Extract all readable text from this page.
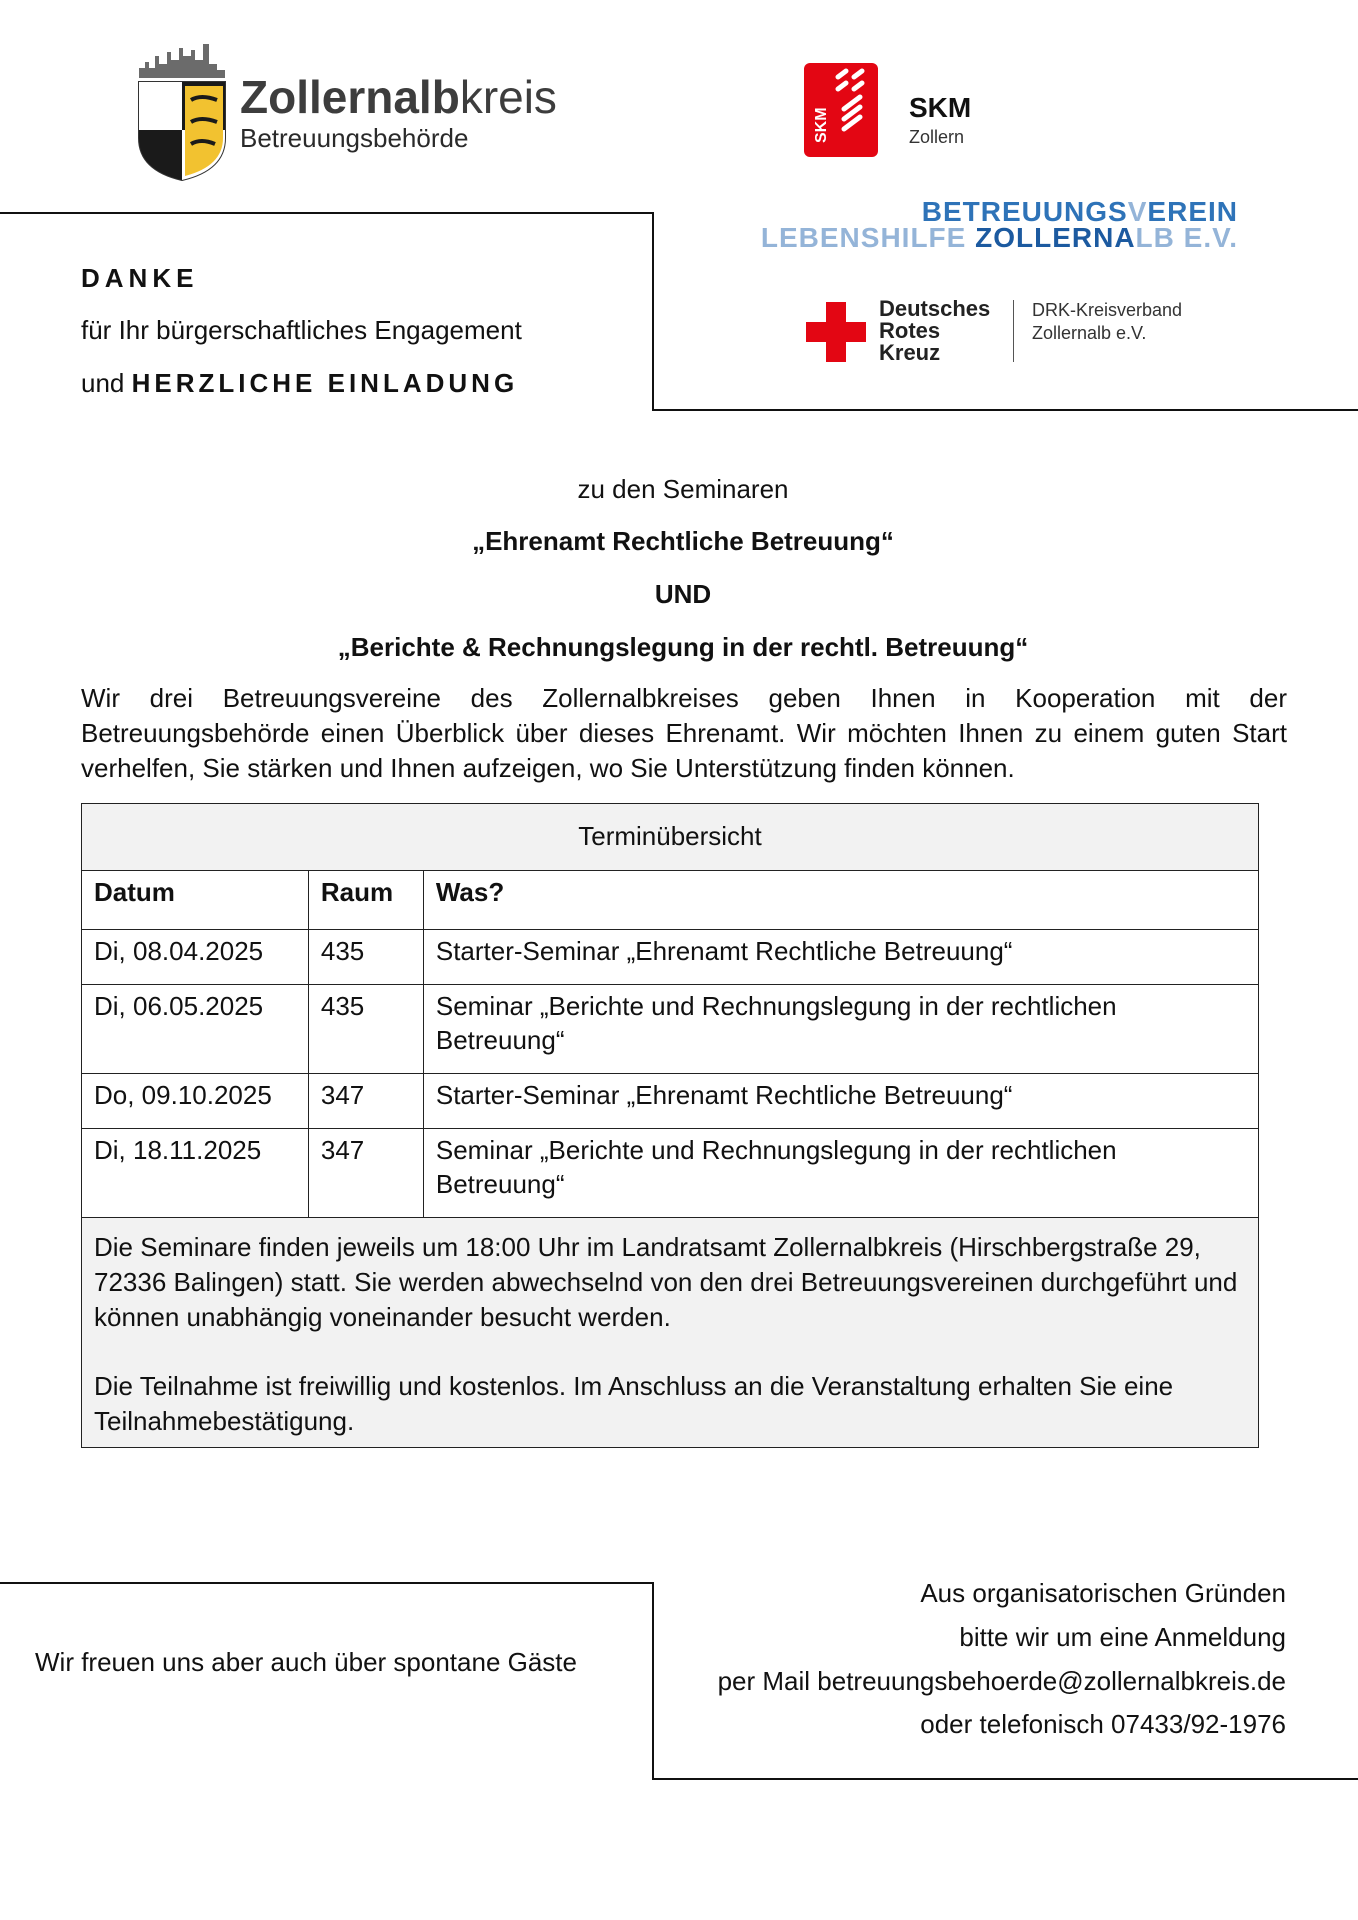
Zollernalbkreis
Betreuungsbehörde	SKM	SKM
Zollern
BETREUUNGSVEREIN
LEBENSHILFE ZOLLERNALB E.V.
Deutsches
Rotes
Kreuz
DRK-Kreisverband
Zollernalb e.V.
DANKE
für Ihr bürgerschaftliches Engagement
und HERZLICHE EINLADUNG
zu den Seminaren
„Ehrenamt Rechtliche Betreuung“
UND
„Berichte & Rechnungslegung in der rechtl. Betreuung“
Wir drei Betreuungsvereine des Zollernalbkreises geben Ihnen in Kooperation mit der Betreuungsbehörde einen Überblick über dieses Ehrenamt. Wir möchten Ihnen zu einem guten Start verhelfen, Sie stärken und Ihnen aufzeigen, wo Sie Unterstützung finden können.
Terminübersicht		
Datum	Raum	Was?
Di, 08.04.2025	435	Starter-Seminar „Ehrenamt Rechtliche Betreuung“
Di, 06.05.2025	435	Seminar „Berichte und Rechnungslegung in der rechtlichen Betreuung“
Do, 09.10.2025	347	Starter-Seminar „Ehrenamt Rechtliche Betreuung“
Di, 18.11.2025	347	Seminar „Berichte und Rechnungslegung in der rechtlichen Betreuung“

Die Seminare finden jeweils um 18:00 Uhr im Landratsamt Zollernalbkreis (Hirschbergstraße 29, 72336 Balingen) statt. Sie werden abwechselnd von den drei Betreuungsvereinen durchgeführt und können unabhängig voneinander besucht werden.

Die Teilnahme ist freiwillig und kostenlos. Im Anschluss an die Veranstaltung erhalten Sie eine Teilnahmebestätigung.		

Wir freuen uns aber auch über spontane Gäste
Aus organisatorischen Gründen
bitte wir um eine Anmeldung
per Mail betreuungsbehoerde@zollernalbkreis.de
oder telefonisch 07433/92-1976
